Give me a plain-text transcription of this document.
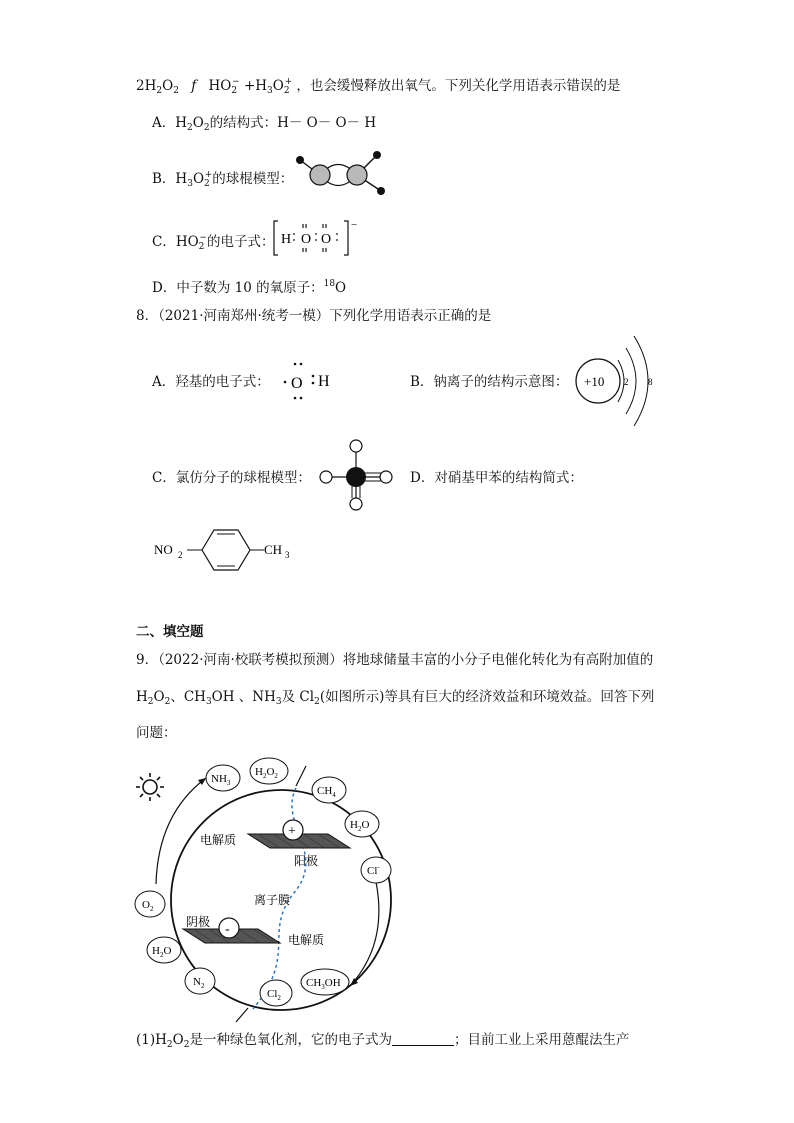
$2H_2O_2$ f $HO_2^- +H_3O_2^+$ ，也会缓慢释放出氧气。下列关化学用语表示错误的是
A．$H_2O_2$的结构式：H－ O－ O－ H
B．$H_3O_2^+$的球棍模型：
C．$HO_2^-$的电子式：
−
H O O
D．中子数为 10 的氧原子：$^{18}$O
8．（2021·河南郑州·统考一模）下列化学用语表示正确的是
A．羟基的电子式： O H	B．钠离子的结构示意图： +10 2 8
C．氯仿分子的球棍模型：	D．对硝基甲苯的结构简式：
NO 2	CH 3
二、填空题
9．（2022·河南·校联考模拟预测）将地球储量丰富的小分子电催化转化为有高附加值的
$H_2O_2$、$CH_3OH$ 、$NH_3$及 $Cl_2$(如图所示)等具有巨大的经济效益和环境效益。回答下列
问题：
+
-
电解质
阳极
离子膜
阴极
电解质
$NH_3$
$H_2O_2$
$CH_4$
$H_2O$
Cl-
$O_2$
$H_2O$
$N_2$
$Cl_2$
$CH_3OH$
$(1)H_2O_2$是一种绿色氧化剂，它的电子式为	；目前工业上采用蒽醌法生产
